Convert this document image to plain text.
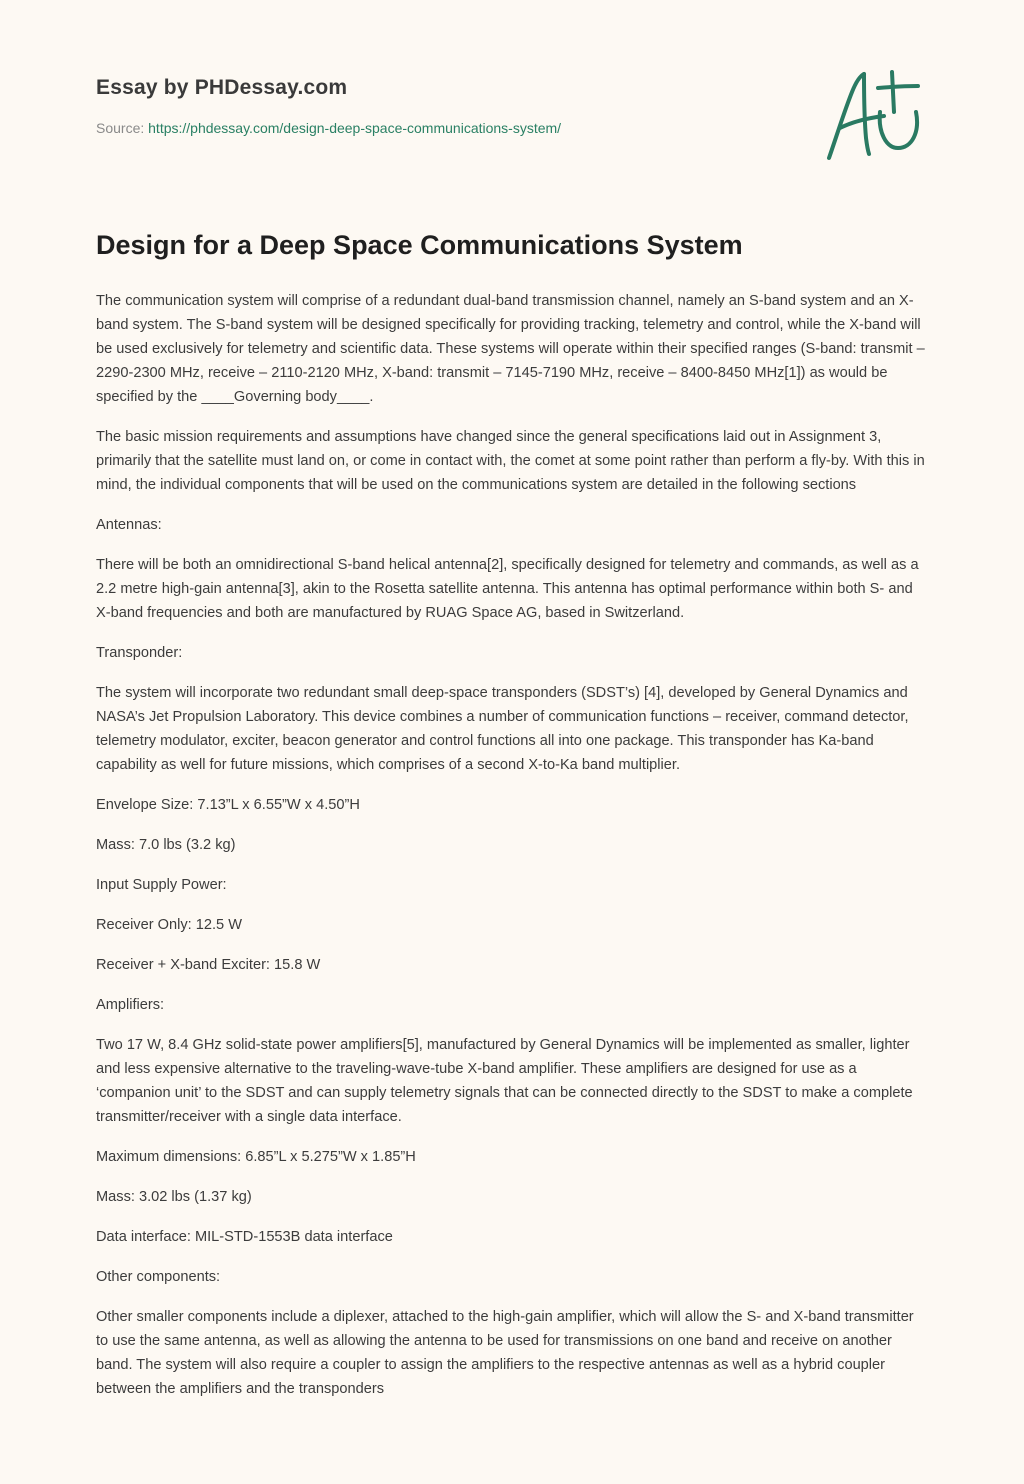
Essay by PHDessay.com
Source: https://phdessay.com/design-deep-space-communications-system/
Design for a Deep Space Communications System

The communication system will comprise of a redundant dual-band transmission channel, namely an S-band system and an X-band system. The S-band system will be designed specifically for providing tracking, telemetry and control, while the X-band will be used exclusively for telemetry and scientific data. These systems will operate within their specified ranges (S-band: transmit – 2290-2300 MHz, receive – 2110-2120 MHz, X-band: transmit – 7145-7190 MHz, receive – 8400-8450 MHz[1]) as would be specified by the ____Governing body____.

The basic mission requirements and assumptions have changed since the general specifications laid out in Assignment 3, primarily that the satellite must land on, or come in contact with, the comet at some point rather than perform a fly-by. With this in mind, the individual components that will be used on the communications system are detailed in the following sections

Antennas:

There will be both an omnidirectional S-band helical antenna[2], specifically designed for telemetry and commands, as well as a 2.2 metre high-gain antenna[3], akin to the Rosetta satellite antenna. This antenna has optimal performance within both S- and X-band frequencies and both are manufactured by RUAG Space AG, based in Switzerland.

Transponder:

The system will incorporate two redundant small deep-space transponders (SDST’s) [4], developed by General Dynamics and NASA’s Jet Propulsion Laboratory. This device combines a number of communication functions – receiver, command detector, telemetry modulator, exciter, beacon generator and control functions all into one package. This transponder has Ka-band capability as well for future missions, which comprises of a second X-to-Ka band multiplier.

Envelope Size: 7.13”L x 6.55”W x 4.50”H

Mass: 7.0 lbs (3.2 kg)

Input Supply Power:

Receiver Only: 12.5 W

Receiver + X-band Exciter: 15.8 W

Amplifiers:

Two 17 W, 8.4 GHz solid-state power amplifiers[5], manufactured by General Dynamics will be implemented as smaller, lighter and less expensive alternative to the traveling-wave-tube X-band amplifier. These amplifiers are designed for use as a ‘companion unit’ to the SDST and can supply telemetry signals that can be connected directly to the SDST to make a complete transmitter/receiver with a single data interface.

Maximum dimensions: 6.85”L x 5.275”W x 1.85”H

Mass: 3.02 lbs (1.37 kg)

Data interface: MIL-STD-1553B data interface

Other components:

Other smaller components include a diplexer, attached to the high-gain amplifier, which will allow the S- and X-band transmitter to use the same antenna, as well as allowing the antenna to be used for transmissions on one band and receive on another band. The system will also require a coupler to assign the amplifiers to the respective antennas as well as a hybrid coupler between the amplifiers and the transponders
